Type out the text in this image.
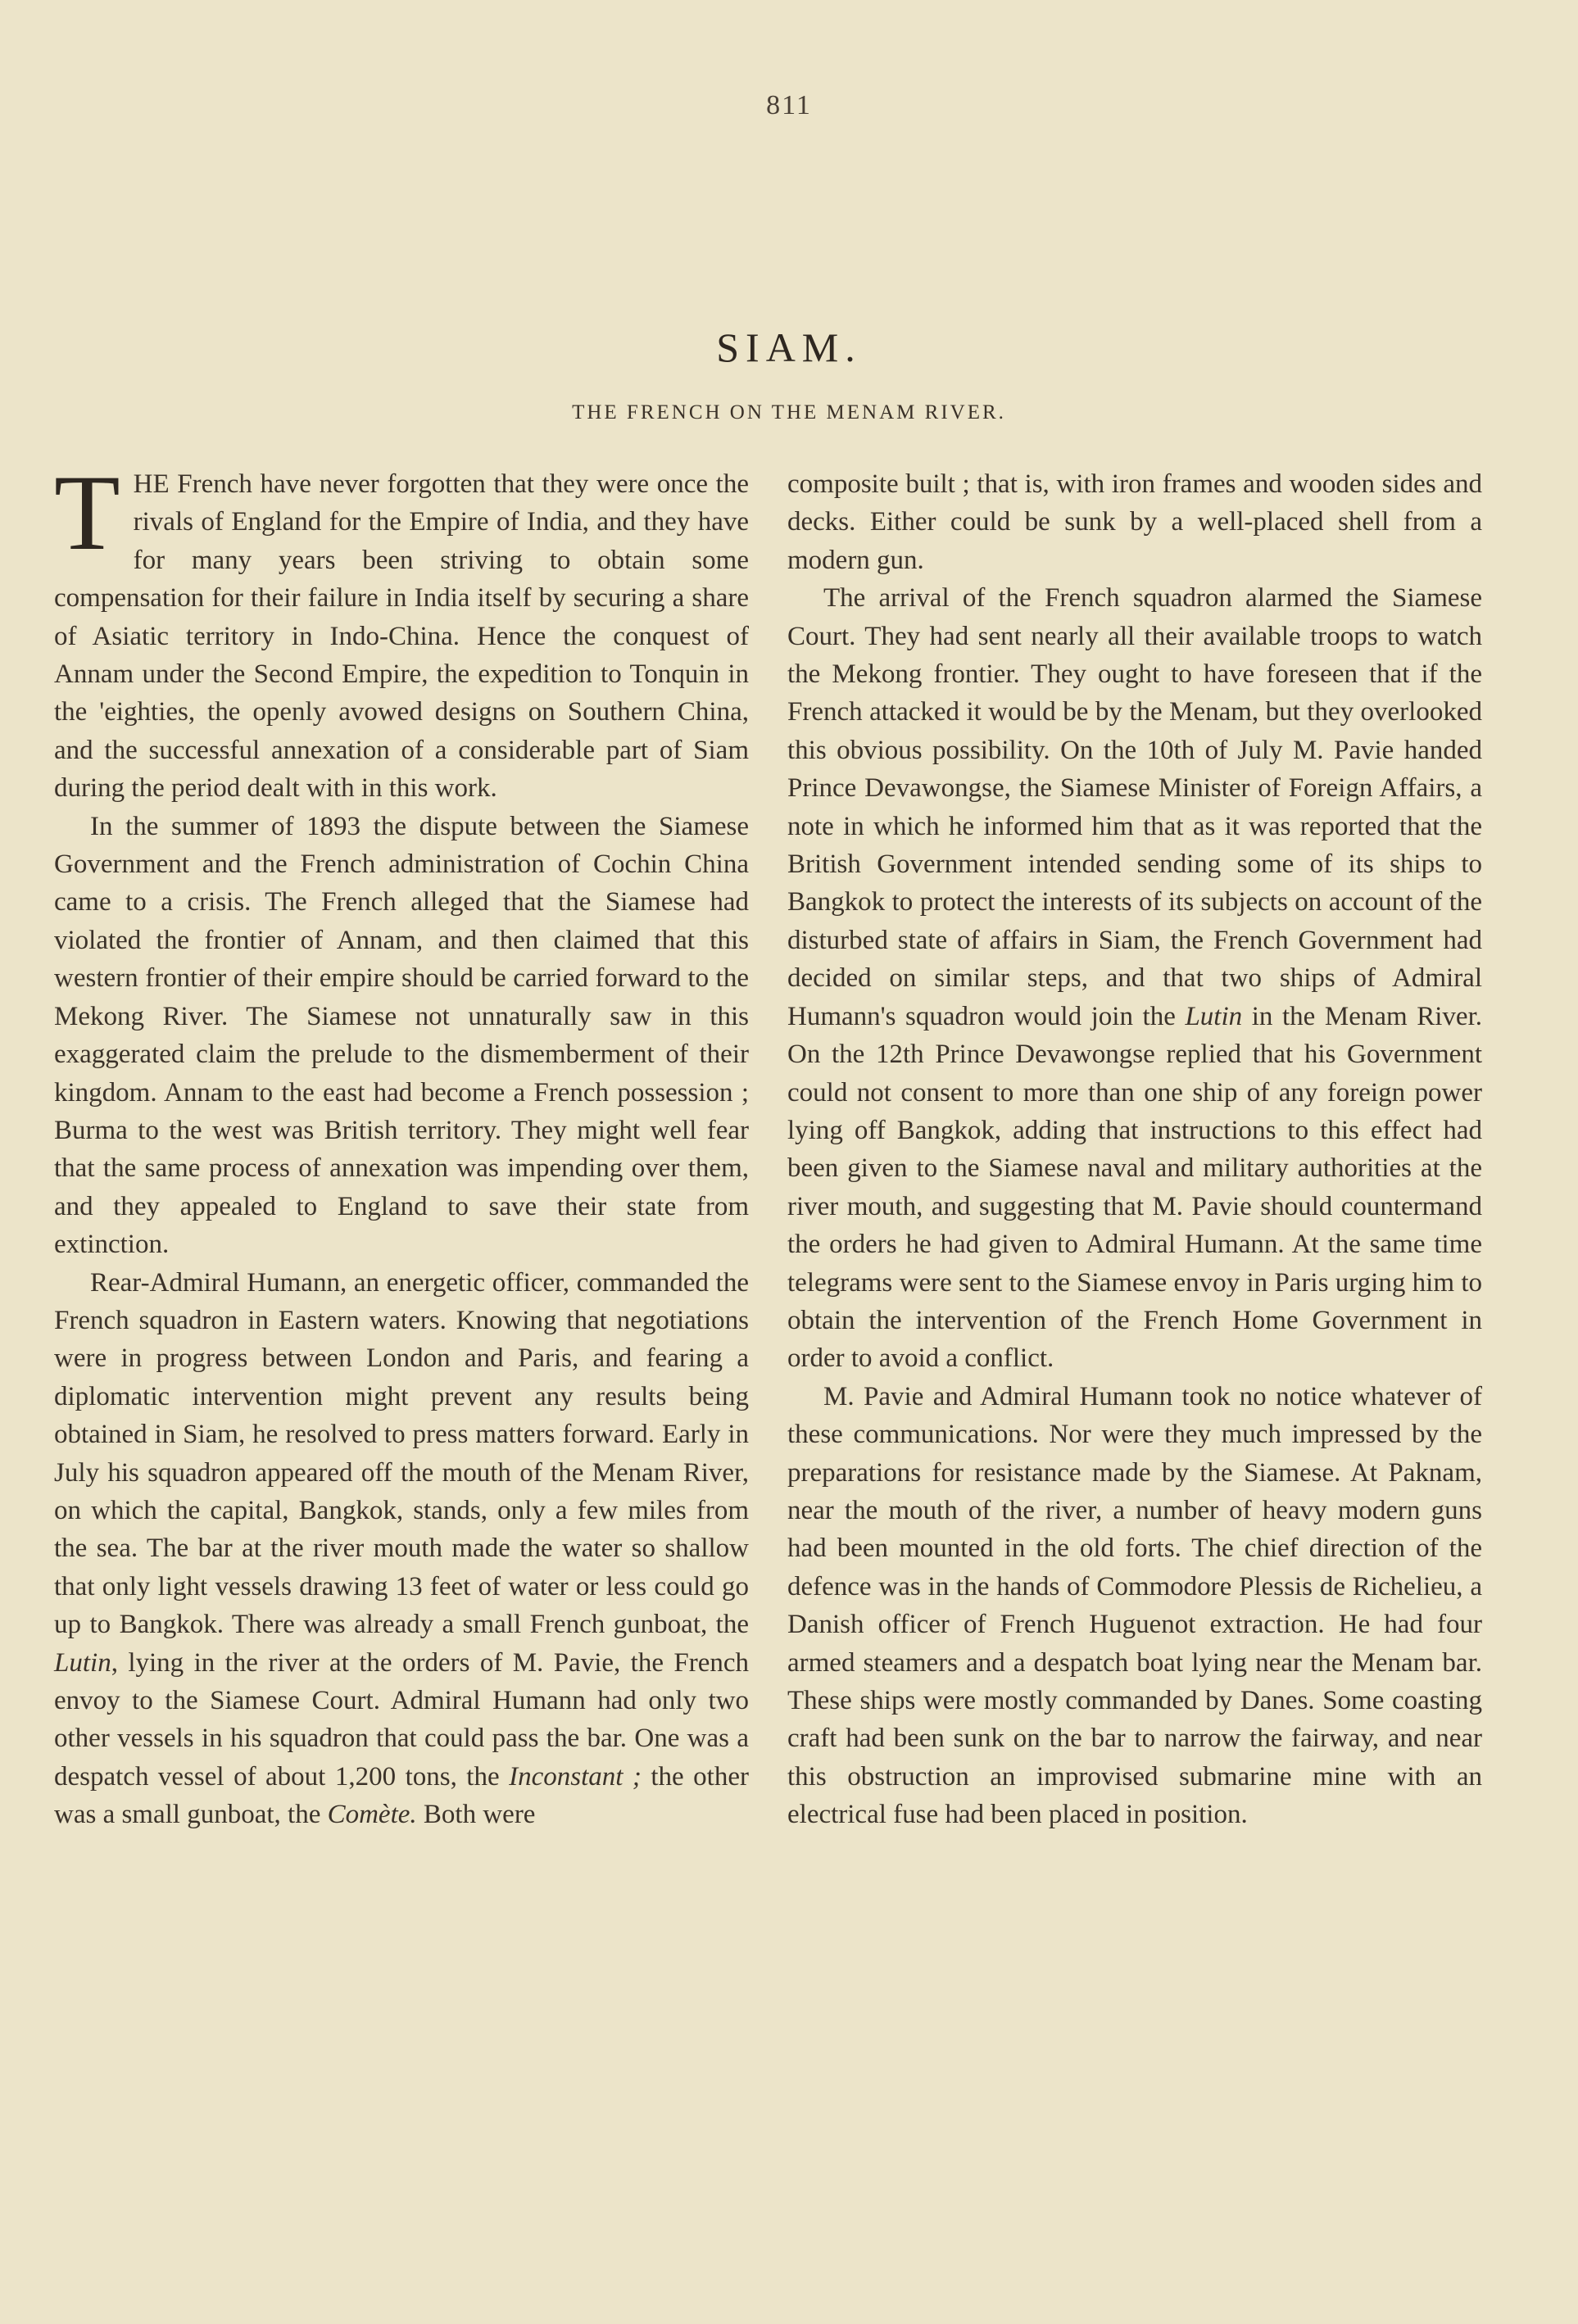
811
SIAM.
THE FRENCH ON THE MENAM RIVER.

THE French have never forgotten that they were once the rivals of England for the Empire of India, and they have for many years been striving to obtain some compensation for their failure in India itself by securing a share of Asiatic territory in Indo-China. Hence the conquest of Annam under the Second Empire, the expedition to Tonquin in the 'eighties, the openly avowed designs on Southern China, and the successful annexation of a considerable part of Siam during the period dealt with in this work.

In the summer of 1893 the dispute between the Siamese Government and the French administration of Cochin China came to a crisis. The French alleged that the Siamese had violated the frontier of Annam, and then claimed that this western frontier of their empire should be carried forward to the Mekong River. The Siamese not unnaturally saw in this exaggerated claim the prelude to the dismemberment of their kingdom. Annam to the east had become a French possession ; Burma to the west was British territory. They might well fear that the same process of annexation was impending over them, and they appealed to England to save their state from extinction.

Rear-Admiral Humann, an energetic officer, commanded the French squadron in Eastern waters. Knowing that negotiations were in progress between London and Paris, and fearing a diplomatic intervention might prevent any results being obtained in Siam, he resolved to press matters forward. Early in July his squadron appeared off the mouth of the Menam River, on which the capital, Bangkok, stands, only a few miles from the sea. The bar at the river mouth made the water so shallow that only light vessels drawing 13 feet of water or less could go up to Bangkok. There was already a small French gunboat, the Lutin, lying in the river at the orders of M. Pavie, the French envoy to the Siamese Court. Admiral Humann had only two other vessels in his squadron that could pass the bar. One was a despatch vessel of about 1,200 tons, the Inconstant ; the other was a small gunboat, the Comète. Both were

composite built ; that is, with iron frames and wooden sides and decks. Either could be sunk by a well-placed shell from a modern gun.

The arrival of the French squadron alarmed the Siamese Court. They had sent nearly all their available troops to watch the Mekong frontier. They ought to have foreseen that if the French attacked it would be by the Menam, but they overlooked this obvious possibility. On the 10th of July M. Pavie handed Prince Devawongse, the Siamese Minister of Foreign Affairs, a note in which he informed him that as it was reported that the British Government intended sending some of its ships to Bangkok to protect the interests of its subjects on account of the disturbed state of affairs in Siam, the French Government had decided on similar steps, and that two ships of Admiral Humann's squadron would join the Lutin in the Menam River. On the 12th Prince Devawongse replied that his Government could not consent to more than one ship of any foreign power lying off Bangkok, adding that instructions to this effect had been given to the Siamese naval and military authorities at the river mouth, and suggesting that M. Pavie should countermand the orders he had given to Admiral Humann. At the same time telegrams were sent to the Siamese envoy in Paris urging him to obtain the intervention of the French Home Government in order to avoid a conflict.

M. Pavie and Admiral Humann took no notice whatever of these communications. Nor were they much impressed by the preparations for resistance made by the Siamese. At Paknam, near the mouth of the river, a number of heavy modern guns had been mounted in the old forts. The chief direction of the defence was in the hands of Commodore Plessis de Richelieu, a Danish officer of French Huguenot extraction. He had four armed steamers and a despatch boat lying near the Menam bar. These ships were mostly commanded by Danes. Some coasting craft had been sunk on the bar to narrow the fairway, and near this obstruction an improvised submarine mine with an electrical fuse had been placed in position.
